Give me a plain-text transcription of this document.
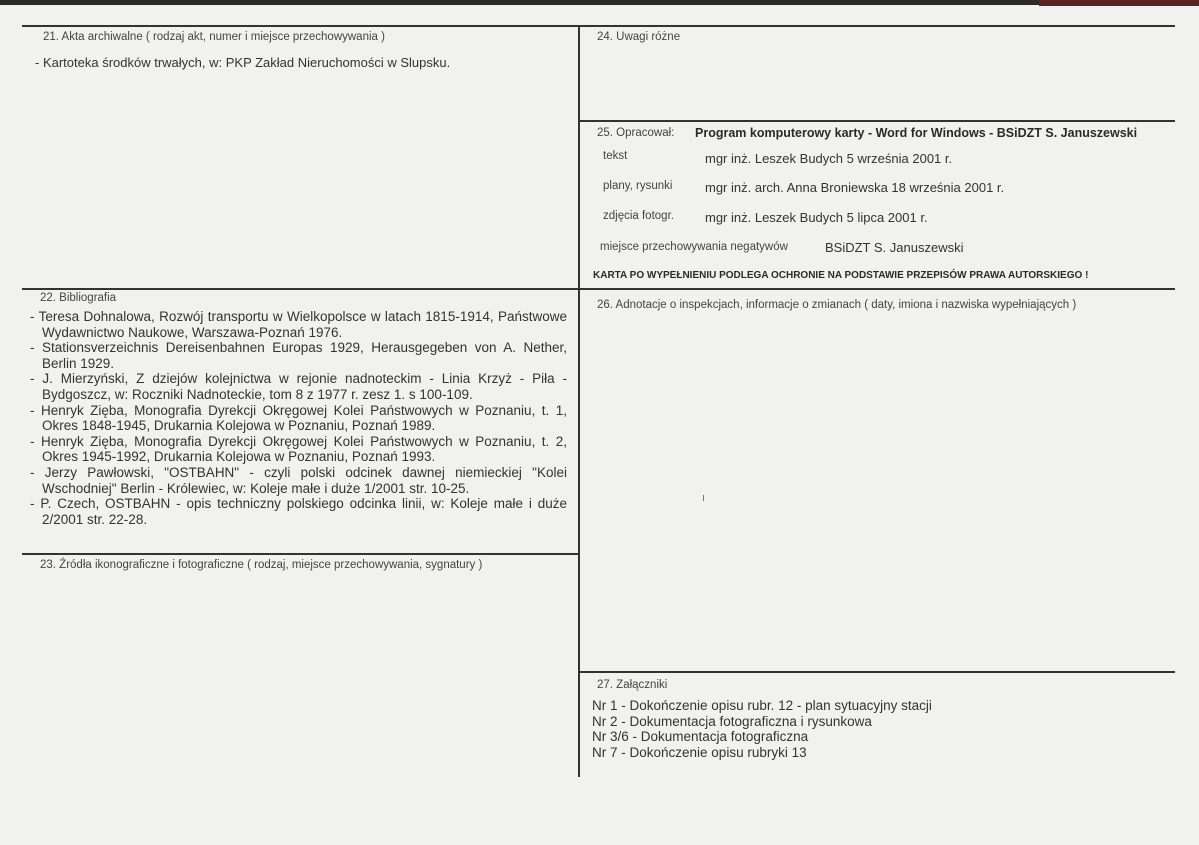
21. Akta archiwalne ( rodzaj akt, numer i miejsce przechowywania )
- Kartoteka środków trwałych, w: PKP Zakład Nieruchomości w Slupsku.
22. Bibliografia

- Teresa Dohnalowa, Rozwój transportu w Wielkopolsce w latach 1815-1914, Państwowe Wydawnictwo Naukowe, Warszawa-Poznań 1976.

- Stationsverzeichnis Dereisenbahnen Europas 1929, Herausgegeben von A. Nether, Berlin 1929.

- J. Mierzyński, Z dziejów kolejnictwa w rejonie nadnoteckim - Linia Krzyż - Piła - Bydgoszcz, w: Roczniki Nadnoteckie, tom 8 z 1977 r. zesz 1. s 100-109.

- Henryk Zięba, Monografia Dyrekcji Okręgowej Kolei Państwowych w Poznaniu, t. 1, Okres 1848-1945, Drukarnia Kolejowa w Poznaniu, Poznań 1989.

- Henryk Zięba, Monografia Dyrekcji Okręgowej Kolei Państwowych w Poznaniu, t. 2, Okres 1945-1992, Drukarnia Kolejowa w Poznaniu, Poznań 1993.

- Jerzy Pawłowski, "OSTBAHN" - czyli polski odcinek dawnej niemieckiej "Kolei Wschodniej" Berlin - Królewiec, w: Koleje małe i duże 1/2001 str. 10-25.

- P. Czech, OSTBAHN - opis techniczny polskiego odcinka linii, w: Koleje małe i duże 2/2001 str. 22-28.

23. Źródła ikonograficzne i fotograficzne ( rodzaj, miejsce przechowywania, sygnatury )
24. Uwagi różne
25. Opracował: Program komputerowy karty - Word for Windows - BSiDZT S. Januszewski
tekst	mgr inż. Leszek Budych 5 września 2001 r.
plany, rysunki	mgr inż. arch. Anna Broniewska 18 września 2001 r.
zdjęcia fotogr. mgr inż. Leszek Budych 5 lipca 2001 r.
miejsce przechowywania negatywów	BSiDZT S. Januszewski
KARTA PO WYPEŁNIENIU PODLEGA OCHRONIE NA PODSTAWIE PRZEPISÓW PRAWA AUTORSKIEGO !
26. Adnotacje o inspekcjach, informacje o zmianach ( daty, imiona i nazwiska wypełniających )
27. Załączniki
Nr 1 - Dokończenie opisu rubr. 12 - plan sytuacyjny stacji
Nr 2 - Dokumentacja fotograficzna i rysunkowa
Nr 3/6 - Dokumentacja fotograficzna
Nr 7 - Dokończenie opisu rubryki 13
